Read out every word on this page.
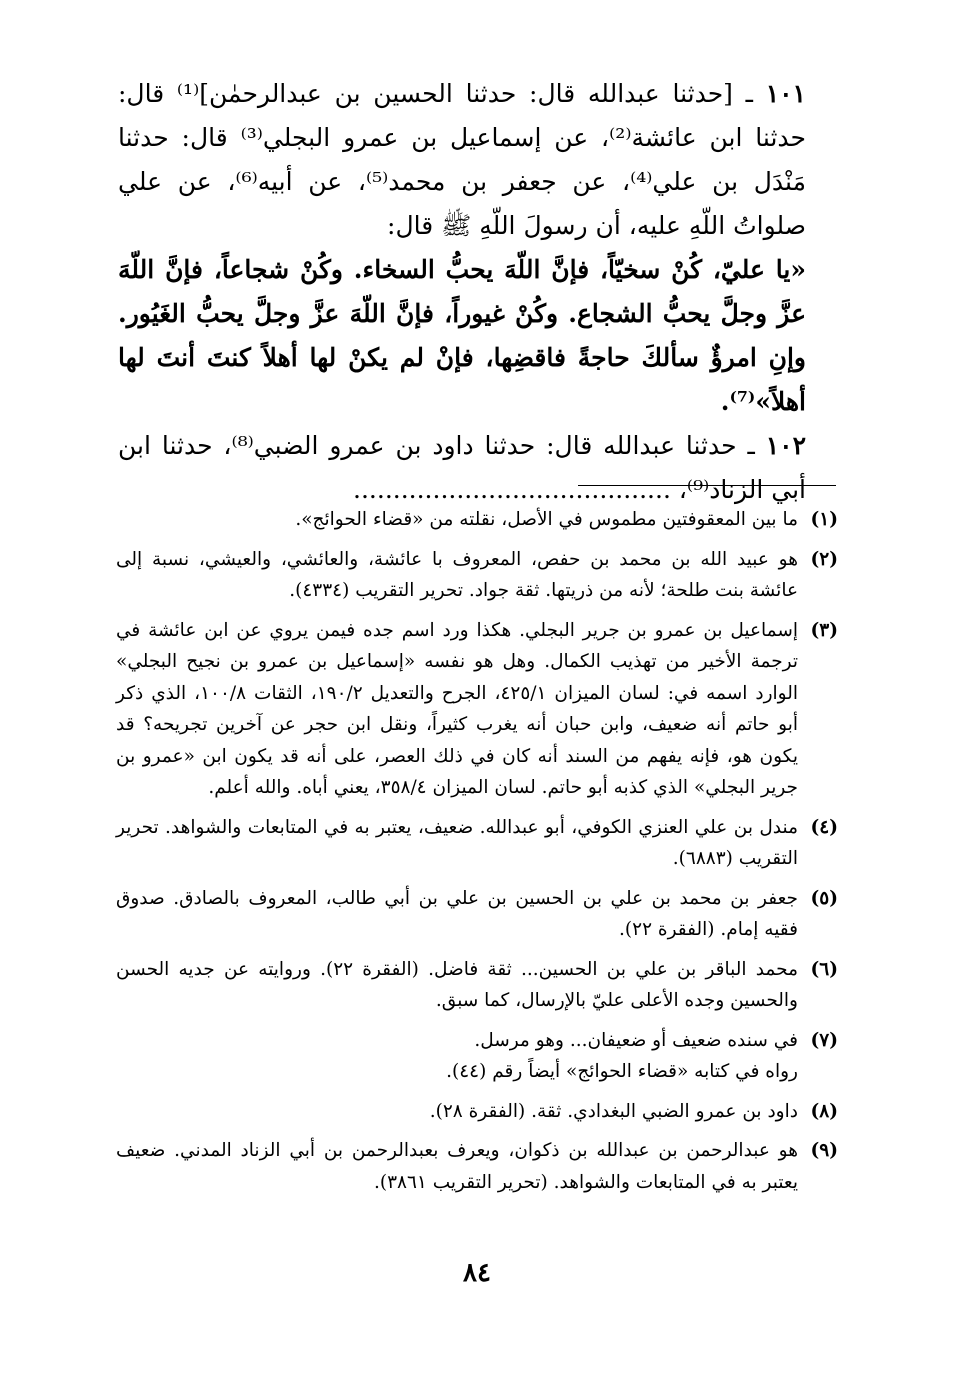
١٠١ ـ [حدثنا عبدالله قال: حدثنا الحسين بن عبدالرحمٰن]⁽¹⁾ قال: حدثنا ابن عائشة⁽²⁾، عن إسماعيل بن عمرو البجلي⁽³⁾ قال: حدثنا مَنْدَل بن علي⁽⁴⁾، عن جعفر بن محمد⁽⁵⁾، عن أبيه⁽⁶⁾، عن علي صلواتُ اللّهِ عليه، أن رسولَ اللّهِ ﷺ قال:

«يا عليّ، كُنْ سخيّاً، فإنَّ اللّهَ يحبُّ السخاء. وكُنْ شجاعاً، فإنَّ اللّهَ عزَّ وجلَّ يحبُّ الشجاع. وكُنْ غيوراً، فإنَّ اللّهَ عزَّ وجلَّ يحبُّ الغَيُور. وإنِ امرؤٌ سألكَ حاجةً فاقضِها، فإنْ لم يكنْ لها أهلاً كنتَ أنتَ لها أهلاً»⁽⁷⁾.

١٠٢ ـ حدثنا عبدالله قال: حدثنا داود بن عمرو الضبي⁽⁸⁾، حدثنا ابن أبي الزناد⁽⁹⁾، ........................................

(١)
ما بين المعقوفتين مطموس في الأصل، نقلته من «قضاء الحوائج».
(٢)
هو عبيد الله بن محمد بن حفص، المعروف با عائشة، والعائشي، والعيشي، نسبة إلى عائشة بنت طلحة؛ لأنه من ذريتها. ثقة جواد. تحرير التقريب (٤٣٣٤).
(٣)
إسماعيل بن عمرو بن جرير البجلي. هكذا ورد اسم جده فيمن يروي عن ابن عائشة في ترجمة الأخير من تهذيب الكمال. وهل هو نفسه «إسماعيل بن عمرو بن نجيح البجلي» الوارد اسمه في: لسان الميزان ٤٢٥/١، الجرح والتعديل ١٩٠/٢، الثقات ١٠٠/٨، الذي ذكر أبو حاتم أنه ضعيف، وابن حبان أنه يغرب كثيراً، ونقل ابن حجر عن آخرين تجريحه؟ قد يكون هو، فإنه يفهم من السند أنه كان في ذلك العصر، على أنه قد يكون ابن «عمرو بن جرير البجلي» الذي كذبه أبو حاتم. لسان الميزان ٣٥٨/٤، يعني أباه. والله أعلم.
(٤)
مندل بن علي العنزي الكوفي، أبو عبدالله. ضعيف، يعتبر به في المتابعات والشواهد. تحرير التقريب (٦٨٨٣).
(٥)
جعفر بن محمد بن علي بن الحسين بن علي بن أبي طالب، المعروف بالصادق. صدوق فقيه إمام. (الفقرة ٢٢).
(٦)
محمد الباقر بن علي بن الحسين... ثقة فاضل. (الفقرة ٢٢). وروايته عن جديه الحسن والحسين وجده الأعلى عليّ بالإرسال، كما سبق.
(٧)
في سنده ضعيف أو ضعيفان... وهو مرسل.
رواه في كتابه «قضاء الحوائج» أيضاً رقم (٤٤).
(٨)
داود بن عمرو الضبي البغدادي. ثقة. (الفقرة ٢٨).
(٩)
هو عبدالرحمن بن عبدالله بن ذكوان، ويعرف بعبدالرحمن بن أبي الزناد المدني. ضعيف يعتبر به في المتابعات والشواهد. (تحرير التقريب ٣٨٦١).
٨٤
